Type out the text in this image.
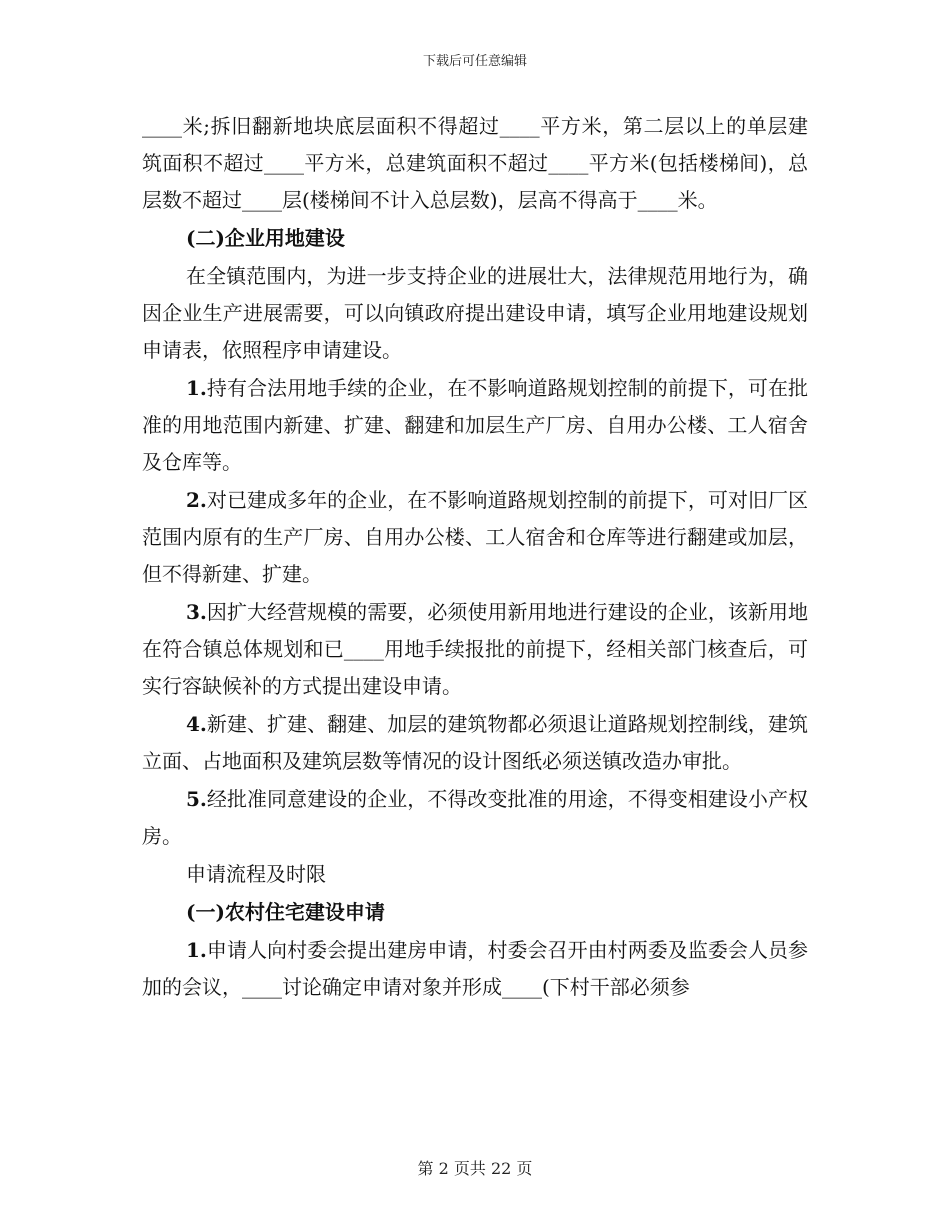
下载后可任意编辑

____米;拆旧翻新地块底层面积不得超过____平方米，第二层以上的单层建筑面积不超过____平方米，总建筑面积不超过____平方米(包括楼梯间)，总层数不超过____层(楼梯间不计入总层数)，层高不得高于____米。

(二)企业用地建设

在全镇范围内，为进一步支持企业的进展壮大，法律规范用地行为，确因企业生产进展需要，可以向镇政府提出建设申请，填写企业用地建设规划申请表，依照程序申请建设。

1.持有合法用地手续的企业，在不影响道路规划控制的前提下，可在批准的用地范围内新建、扩建、翻建和加层生产厂房、自用办公楼、工人宿舍及仓库等。

2.对已建成多年的企业，在不影响道路规划控制的前提下，可对旧厂区范围内原有的生产厂房、自用办公楼、工人宿舍和仓库等进行翻建或加层，但不得新建、扩建。

3.因扩大经营规模的需要，必须使用新用地进行建设的企业，该新用地在符合镇总体规划和已____用地手续报批的前提下，经相关部门核查后，可实行容缺候补的方式提出建设申请。

4.新建、扩建、翻建、加层的建筑物都必须退让道路规划控制线，建筑立面、占地面积及建筑层数等情况的设计图纸必须送镇改造办审批。

5.经批准同意建设的企业，不得改变批准的用途，不得变相建设小产权房。

申请流程及时限

(一)农村住宅建设申请

1.申请人向村委会提出建房申请，村委会召开由村两委及监委会人员参加的会议，____讨论确定申请对象并形成____(下村干部必须参

第 2 页共 22 页
